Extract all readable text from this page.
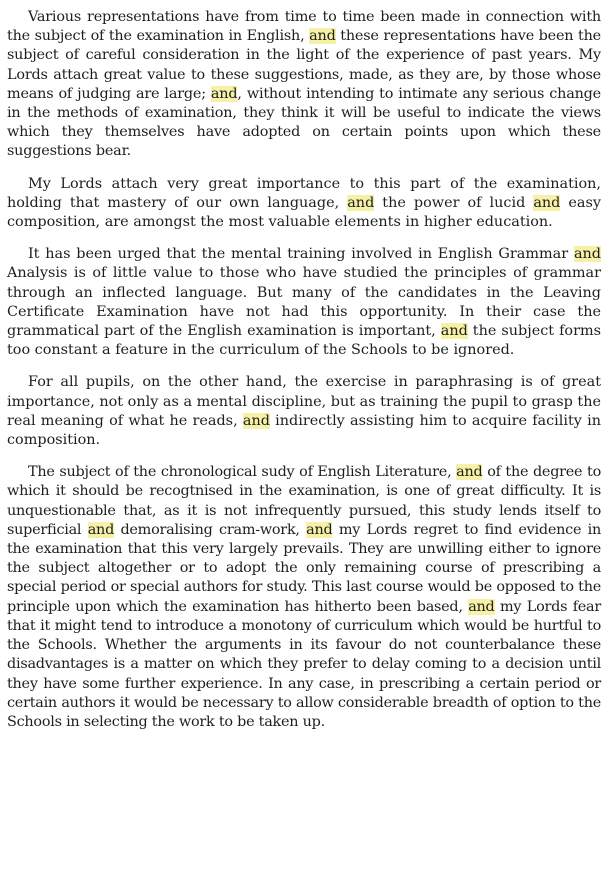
Various representations have from time to time been made in connection with the subject of the examination in English, and these representations have been the subject of careful consideration in the light of the experience of past years. My Lords attach great value to these suggestions, made, as they are, by those whose means of judging are large; and, without intending to intimate any serious change in the methods of examination, they think it will be useful to indicate the views which they themselves have adopted on certain points upon which these suggestions bear.

My Lords attach very great importance to this part of the examination, holding that mastery of our own language, and the power of lucid and easy composition, are amongst the most valuable elements in higher education.

It has been urged that the mental training involved in English Grammar and Analysis is of little value to those who have studied the principles of grammar through an inflected language. But many of the candidates in the Leaving Certificate Examination have not had this opportunity. In their case the grammatical part of the English examination is important, and the subject forms too constant a feature in the curriculum of the Schools to be ignored.

For all pupils, on the other hand, the exercise in paraphrasing is of great importance, not only as a mental discipline, but as training the pupil to grasp the real meaning of what he reads, and indirectly assisting him to acquire facility in composition.

The subject of the chronological sudy of English Literature, and of the degree to which it should be recogtnised in the examination, is one of great difficulty. It is unquestionable that, as it is not infrequently pursued, this study lends itself to superficial and demoralising cram-work, and my Lords regret to find evidence in the examination that this very largely prevails. They are unwilling either to ignore the subject altogether or to adopt the only remaining course of prescribing a special period or special authors for study. This last course would be opposed to the principle upon which the examination has hitherto been based, and my Lords fear that it might tend to introduce a monotony of curriculum which would be hurtful to the Schools. Whether the arguments in its favour do not counterbalance these disadvantages is a matter on which they prefer to delay coming to a decision until they have some further experience. In any case, in prescribing a certain period or certain authors it would be necessary to allow considerable breadth of option to the Schools in selecting the work to be taken up.
